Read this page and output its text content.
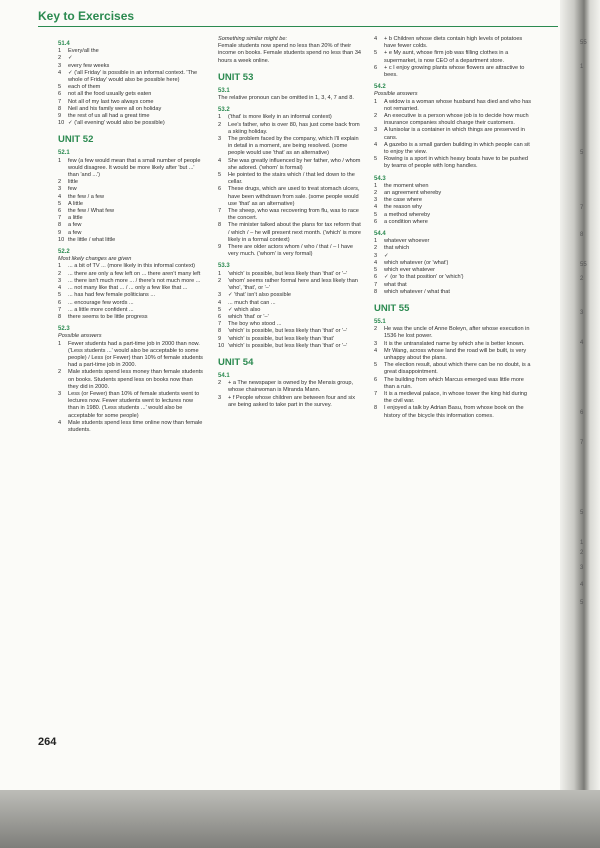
Key to Exercises
51.4
1	Every/all the
2	✓
3	every few weeks
4	✓ ('all Friday' is possible in an informal context. 'The whole of Friday' would also be possible here)
5	each of them
6	not all the food usually gets eaten
7	Not all of my last two always come
8	Neil and his family were all on holiday
9	the rest of us all had a great time
10 ✓ ('all evening' would also be possible)
UNIT 52
52.1
1	few (a few would mean that a small number of people would disagree. It would be more likely after 'but ...' than 'and ...')
2	little
3	few
4	the few / a few
5	A little
6	the few / What few
7	a little
8	a few
9	a few
10 the little / what little
52.2
Most likely changes are given
1	... a bit of TV ... (more likely in this informal context)
2	... there are only a few left on ... there aren't many left
3	... there isn't much more ... / there's not much more ...
4	... not many like that ... / ... only a few like that ...
5	... has had few female politicians ...
6	... encourage few words ...
7	... a little more confident ...
8	there seems to be little progress
52.3
Possible answers
1	Fewer students had a part-time job in 2000 than now. ('Less students ...' would also be acceptable to some people) / Less (or Fewer) than 10% of female students had a part-time job in 2000.
2	Male students spend less money than female students on books. Students spend less on books now than they did in 2000.
3	Less (or Fewer) than 10% of female students went to lectures now. Fewer students went to lectures now than in 1980. ('Less students ...' would also be acceptable for some people)
4	Male students spend less time online now than female students.
Something similar might be:
Female students now spend no less than 20% of their income on books. Female students spend no less than 34 hours a week online.
UNIT 53
53.1
The relative pronoun can be omitted in 1, 3, 4, 7 and 8.
53.2
1	('that' is more likely in an informal context)
2	Lee's father, who is over 80, has just come back from a skiing holiday.
3	The problem faced by the company, which I'll explain in detail in a moment, are being resolved. (some people would use 'that' as an alternative)
4	She was greatly influenced by her father, who / whom she adored. ('whom' is formal)
5	He pointed to the stairs which / that led down to the cellar.
6	These drugs, which are used to treat stomach ulcers, have been withdrawn from sale. (some people would use 'that' as an alternative)
7	The sheep, who was recovering from flu, was to race the concert.
8	The minister talked about the plans for tax reform that / which / – he will present next month. ('which' is more likely in a formal context)
9	There are older actors whom / who / that / – I have very much. ('whom' is very formal)
53.3
1	'which' is possible, but less likely than 'that' or '–'
2	'whom' seems rather formal here and less likely than 'who', 'that', or '–'
3	✓ 'that' isn't also possible
4	... much that can ...
5	✓ which also
6	which 'that' or '–'
7	The boy who stood ...
8	'which' is possible, but less likely than 'that' or '–'
9	'which' is possible, but less likely than 'that'
10 'which' is possible, but less likely than 'that' or '–'
UNIT 54
54.1
2	+ a The newspaper is owned by the Mensis group, whose chairwoman is Miranda Mann.
3	+ f People whose children are between four and six are being asked to take part in the survey.
4	+ b Children whose diets contain high levels of potatoes have fewer colds.
5	+ e My aunt, whose firm job was filling clothes in a supermarket, is now CEO of a department store.
6	+ c I enjoy growing plants whose flowers are attractive to bees.
54.2
Possible answers
1	A widow is a woman whose husband has died and who has not remarried.
2	An executive is a person whose job is to decide how much insurance companies should charge their customers.
3	A lunisolar is a container in which things are preserved in cans.
4	A gazebo is a small garden building in which people can sit to enjoy the view.
5	Rowing is a sport in which heavy boats have to be pushed by teams of people with long handles.
54.3
1	the moment when
2	an agreement whereby
3	the case where
4	the reason why
5	a method whereby
6	a condition where
54.4
1	whatever whoever
2	that which
3	✓
4	which whatever (or 'what')
5	which ever whatever
6	✓ (or 'to that position' or 'which')
7	what that
8	which whatever / what that
UNIT 55
55.1
2	He was the uncle of Anne Boleyn, after whose execution in 1536 he lost power.
3	It is the untranslated name by which she is better known.
4	Mr Wang, across whose land the road will be built, is very unhappy about the plans.
5	The election result, about which there can be no doubt, is a great disappointment.
6	The building from which Marcus emerged was little more than a ruin.
7	It is a medieval palace, in whose tower the king hid during the civil war.
8	I enjoyed a talk by Adrian Basu, from whose book on the history of the bicycle this information comes.
264
55
1
5
7
8
55
2
3
4
6
7
5
1
2
3
4
5
